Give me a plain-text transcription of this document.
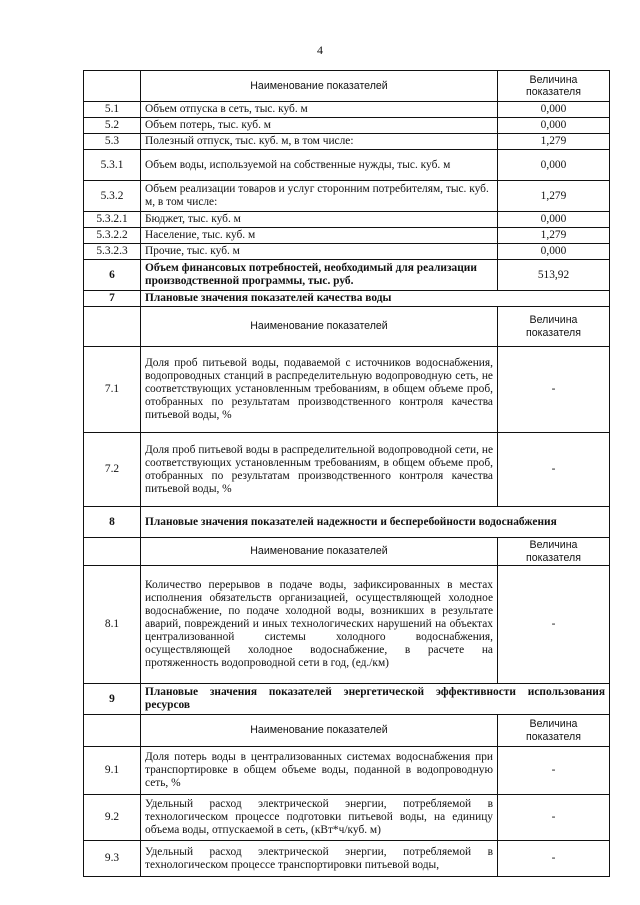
4
	Наименование показателей	Величина показателя
5.1	Объем отпуска в сеть, тыс. куб. м	0,000
5.2	Объем потерь, тыс. куб. м	0,000
5.3	Полезный отпуск, тыс. куб. м, в том числе:	1,279
5.3.1	Объем воды, используемой на собственные нужды, тыс. куб. м	0,000
5.3.2	Объем реализации товаров и услуг сторонним потребителям, тыс. куб. м, в том числе:	1,279
5.3.2.1	Бюджет, тыс. куб. м	0,000
5.3.2.2	Население, тыс. куб. м	1,279
5.3.2.3	Прочие, тыс. куб. м	0,000
6	Объем финансовых потребностей, необходимый для реализации производственной программы, тыс. руб.	513,92
7	Плановые значения показателей качества воды	
	Наименование показателей	Величина показателя
7.1	Доля проб питьевой воды, подаваемой с источников водоснабжения, водопроводных станций в распределительную водопроводную сеть, не соответствующих установленным требованиям, в общем объеме проб, отобранных по результатам производственного контроля качества питьевой воды, %	-
7.2	Доля проб питьевой воды в распределительной водопроводной сети, не соответствующих установленным требованиям, в общем объеме проб, отобранных по результатам производственного контроля качества питьевой воды, %	-
8	Плановые значения показателей надежности и бесперебойности водоснабжения	
	Наименование показателей	Величина показателя
8.1	Количество перерывов в подаче воды, зафиксированных в местах исполнения обязательств организацией, осуществляющей холодное водоснабжение, по подаче холодной воды, возникших в результате аварий, повреждений и иных технологических нарушений на объектах централизованной системы холодного водоснабжения, осуществляющей холодное водоснабжение, в расчете на протяженность водопроводной сети в год, (ед./км)	-
9	Плановые значения показателей энергетической эффективности использования ресурсов	
	Наименование показателей	Величина показателя
9.1	Доля потерь воды в централизованных системах водоснабжения при транспортировке в общем объеме воды, поданной в водопроводную сеть, %	-
9.2	Удельный расход электрической энергии, потребляемой в технологическом процессе подготовки питьевой воды, на единицу объема воды, отпускаемой в сеть, (кВт*ч/куб. м)	-
9.3	Удельный расход электрической энергии, потребляемой в технологическом процессе транспортировки питьевой воды,	-
